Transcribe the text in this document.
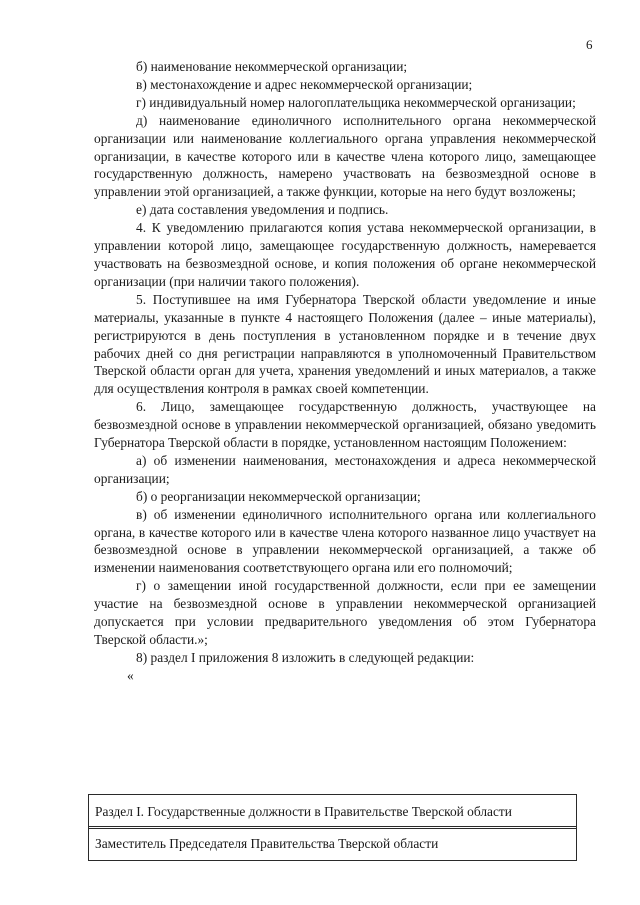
6

б) наименование некоммерческой организации;

в) местонахождение и адрес некоммерческой организации;

г) индивидуальный номер налогоплательщика некоммерческой организации;

д) наименование единоличного исполнительного органа некоммерческой организации или наименование коллегиального органа управления некоммерческой организации, в качестве которого или в качестве члена которого лицо, замещающее государственную должность, намерено участвовать на безвозмездной основе в управлении этой организацией, а также функции, которые на него будут возложены;

е) дата составления уведомления и подпись.

4. К уведомлению прилагаются копия устава некоммерческой организации, в управлении которой лицо, замещающее государственную должность, намеревается участвовать на безвозмездной основе, и копия положения об органе некоммерческой организации (при наличии такого положения).

5. Поступившее на имя Губернатора Тверской области уведомление и иные материалы, указанные в пункте 4 настоящего Положения (далее – иные материалы), регистрируются в день поступления в установленном порядке и в течение двух рабочих дней со дня регистрации направляются в уполномоченный Правительством Тверской области орган для учета, хранения уведомлений и иных материалов, а также для осуществления контроля в рамках своей компетенции.

6. Лицо, замещающее государственную должность, участвующее на безвозмездной основе в управлении некоммерческой организацией, обязано уведомить Губернатора Тверской области в порядке, установленном настоящим Положением:

а) об изменении наименования, местонахождения и адреса некоммерческой организации;

б) о реорганизации некоммерческой организации;

в) об изменении единоличного исполнительного органа или коллегиального органа, в качестве которого или в качестве члена которого названное лицо участвует на безвозмездной основе в управлении некоммерческой организацией, а также об изменении наименования соответствующего органа или его полномочий;

г) о замещении иной государственной должности, если при ее замещении участие на безвозмездной основе в управлении некоммерческой организацией допускается при условии предварительного уведомления об этом Губернатора Тверской области.»;

8) раздел I приложения 8 изложить в следующей редакции:

«

Раздел I. Государственные должности в Правительстве Тверской области
Заместитель Председателя Правительства Тверской области
